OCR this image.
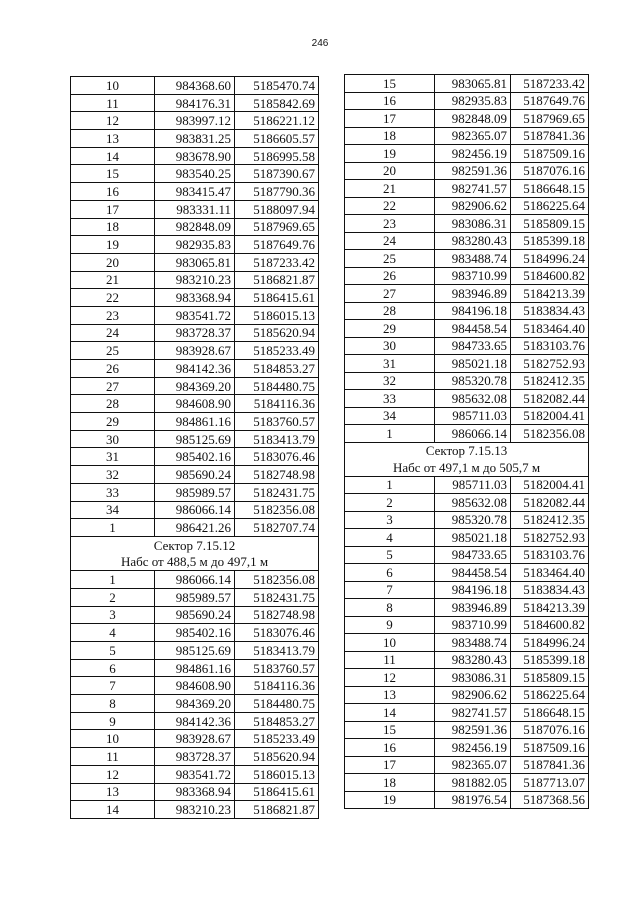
246
10	984368.60	5185470.74
11	984176.31	5185842.69
12	983997.12	5186221.12
13	983831.25	5186605.57
14	983678.90	5186995.58
15	983540.25	5187390.67
16	983415.47	5187790.36
17	983331.11	5188097.94
18	982848.09	5187969.65
19	982935.83	5187649.76
20	983065.81	5187233.42
21	983210.23	5186821.87
22	983368.94	5186415.61
23	983541.72	5186015.13
24	983728.37	5185620.94
25	983928.67	5185233.49
26	984142.36	5184853.27
27	984369.20	5184480.75
28	984608.90	5184116.36
29	984861.16	5183760.57
30	985125.69	5183413.79
31	985402.16	5183076.46
32	985690.24	5182748.98
33	985989.57	5182431.75
34	986066.14	5182356.08
1	986421.26	5182707.74
Сектор 7.15.12		
Набс от 488,5 м до 497,1 м		
1	986066.14	5182356.08
2	985989.57	5182431.75
3	985690.24	5182748.98
4	985402.16	5183076.46
5	985125.69	5183413.79
6	984861.16	5183760.57
7	984608.90	5184116.36
8	984369.20	5184480.75
9	984142.36	5184853.27
10	983928.67	5185233.49
11	983728.37	5185620.94
12	983541.72	5186015.13
13	983368.94	5186415.61
14	983210.23	5186821.87
15	983065.81	5187233.42
16	982935.83	5187649.76
17	982848.09	5187969.65
18	982365.07	5187841.36
19	982456.19	5187509.16
20	982591.36	5187076.16
21	982741.57	5186648.15
22	982906.62	5186225.64
23	983086.31	5185809.15
24	983280.43	5185399.18
25	983488.74	5184996.24
26	983710.99	5184600.82
27	983946.89	5184213.39
28	984196.18	5183834.43
29	984458.54	5183464.40
30	984733.65	5183103.76
31	985021.18	5182752.93
32	985320.78	5182412.35
33	985632.08	5182082.44
34	985711.03	5182004.41
1	986066.14	5182356.08
Сектор 7.15.13		
Набс от 497,1 м до 505,7 м		
1	985711.03	5182004.41
2	985632.08	5182082.44
3	985320.78	5182412.35
4	985021.18	5182752.93
5	984733.65	5183103.76
6	984458.54	5183464.40
7	984196.18	5183834.43
8	983946.89	5184213.39
9	983710.99	5184600.82
10	983488.74	5184996.24
11	983280.43	5185399.18
12	983086.31	5185809.15
13	982906.62	5186225.64
14	982741.57	5186648.15
15	982591.36	5187076.16
16	982456.19	5187509.16
17	982365.07	5187841.36
18	981882.05	5187713.07
19	981976.54	5187368.56
